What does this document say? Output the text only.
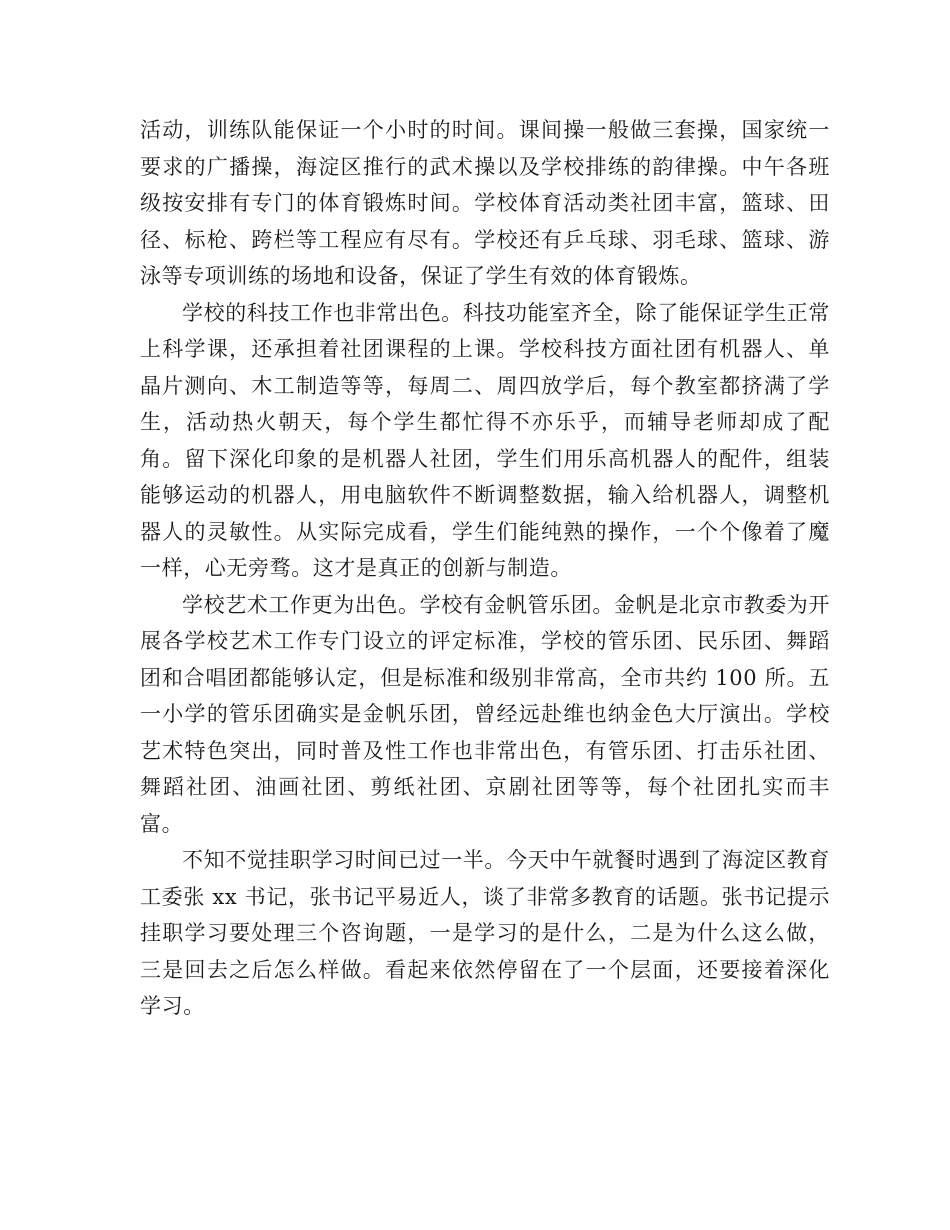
活动，训练队能保证一个小时的时间。课间操一般做三套操，国家统一要求的广播操，海淀区推行的武术操以及学校排练的韵律操。中午各班级按安排有专门的体育锻炼时间。学校体育活动类社团丰富，篮球、田径、标枪、跨栏等工程应有尽有。学校还有乒乓球、羽毛球、篮球、游泳等专项训练的场地和设备，保证了学生有效的体育锻炼。

学校的科技工作也非常出色。科技功能室齐全，除了能保证学生正常上科学课，还承担着社团课程的上课。学校科技方面社团有机器人、单晶片测向、木工制造等等，每周二、周四放学后，每个教室都挤满了学生，活动热火朝天，每个学生都忙得不亦乐乎，而辅导老师却成了配角。留下深化印象的是机器人社团，学生们用乐高机器人的配件，组装能够运动的机器人，用电脑软件不断调整数据，输入给机器人，调整机器人的灵敏性。从实际完成看，学生们能纯熟的操作，一个个像着了魔一样，心无旁骛。这才是真正的创新与制造。

学校艺术工作更为出色。学校有金帆管乐团。金帆是北京市教委为开展各学校艺术工作专门设立的评定标准，学校的管乐团、民乐团、舞蹈团和合唱团都能够认定，但是标准和级别非常高，全市共约 100 所。五一小学的管乐团确实是金帆乐团，曾经远赴维也纳金色大厅演出。学校艺术特色突出，同时普及性工作也非常出色，有管乐团、打击乐社团、舞蹈社团、油画社团、剪纸社团、京剧社团等等，每个社团扎实而丰富。

不知不觉挂职学习时间已过一半。今天中午就餐时遇到了海淀区教育工委张 xx 书记，张书记平易近人，谈了非常多教育的话题。张书记提示挂职学习要处理三个咨询题，一是学习的是什么，二是为什么这么做，三是回去之后怎么样做。看起来依然停留在了一个层面，还要接着深化学习。
